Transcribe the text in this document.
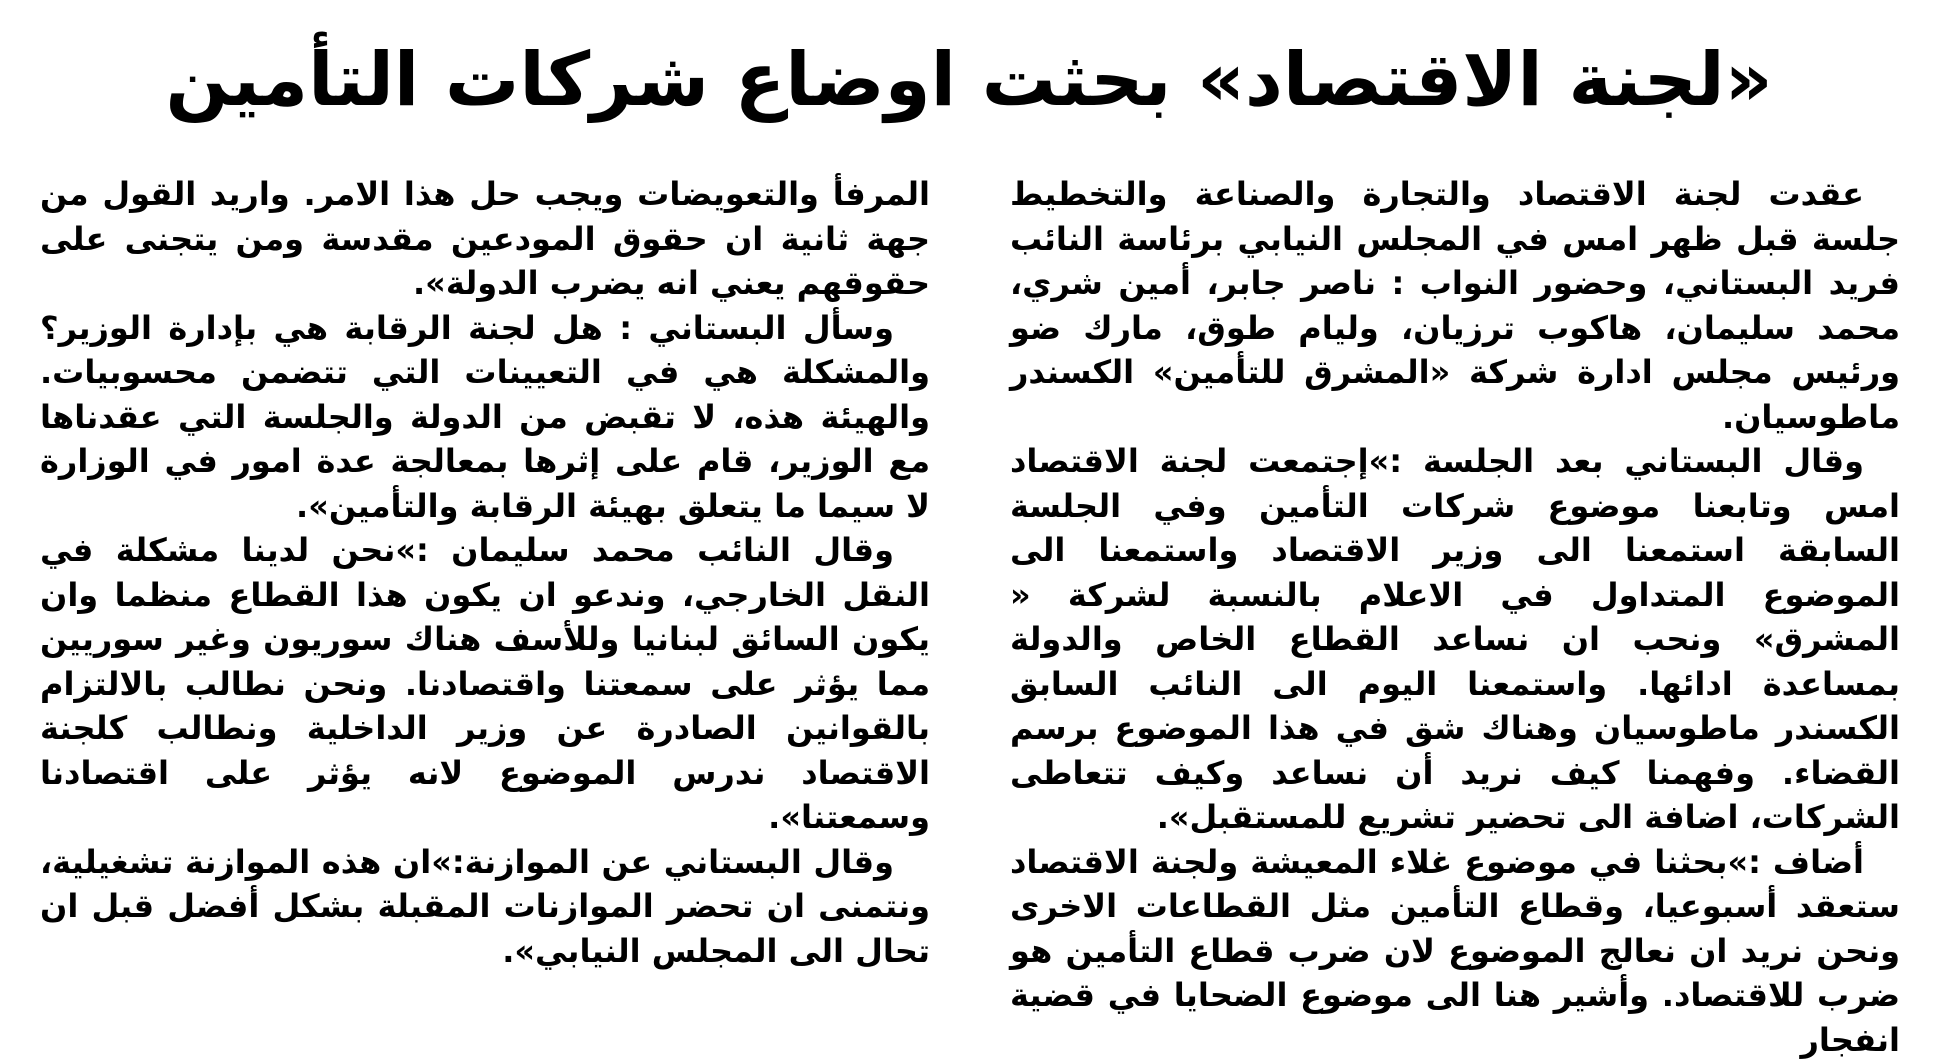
«لجنة الاقتصاد» بحثت اوضاع شركات التأمين

عقدت لجنة الاقتصاد والتجارة والصناعة والتخطيط جلسة قبل ظهر امس في المجلس النيابي برئاسة النائب فريد البستاني، وحضور النواب : ناصر جابر، أمين شري، محمد سليمان، هاكوب ترزيان، وليام طوق، مارك ضو ورئيس مجلس ادارة شركة «المشرق للتأمين» الكسندر ماطوسيان.

وقال البستاني بعد الجلسة :»إجتمعت لجنة الاقتصاد امس وتابعنا موضوع شركات التأمين وفي الجلسة السابقة استمعنا الى وزير الاقتصاد واستمعنا الى الموضوع المتداول في الاعلام بالنسبة لشركة « المشرق» ونحب ان نساعد القطاع الخاص والدولة بمساعدة ادائها. واستمعنا اليوم الى النائب السابق الكسندر ماطوسيان وهناك شق في هذا الموضوع برسم القضاء. وفهمنا كيف نريد أن نساعد وكيف تتعاطى الشركات، اضافة الى تحضير تشريع للمستقبل».

أضاف :»بحثنا في موضوع غلاء المعيشة ولجنة الاقتصاد ستعقد أسبوعيا، وقطاع التأمين مثل القطاعات الاخرى ونحن نريد ان نعالج الموضوع لان ضرب قطاع التأمين هو ضرب للاقتصاد. وأشير هنا الى موضوع الضحايا في قضية انفجار

المرفأ والتعويضات ويجب حل هذا الامر. واريد القول من جهة ثانية ان حقوق المودعين مقدسة ومن يتجنى على حقوقهم يعني انه يضرب الدولة».

وسأل البستاني : هل لجنة الرقابة هي بإدارة الوزير؟ والمشكلة هي في التعيينات التي تتضمن محسوبيات. والهيئة هذه، لا تقبض من الدولة والجلسة التي عقدناها مع الوزير، قام على إثرها بمعالجة عدة امور في الوزارة لا سيما ما يتعلق بهيئة الرقابة والتأمين».

وقال النائب محمد سليمان :»نحن لدينا مشكلة في النقل الخارجي، وندعو ان يكون هذا القطاع منظما وان يكون السائق لبنانيا وللأسف هناك سوريون وغير سوريين مما يؤثر على سمعتنا واقتصادنا. ونحن نطالب بالالتزام بالقوانين الصادرة عن وزير الداخلية ونطالب كلجنة الاقتصاد ندرس الموضوع لانه يؤثر على اقتصادنا وسمعتنا».

وقال البستاني عن الموازنة:»ان هذه الموازنة تشغيلية، ونتمنى ان تحضر الموازنات المقبلة بشكل أفضل قبل ان تحال الى المجلس النيابي».
